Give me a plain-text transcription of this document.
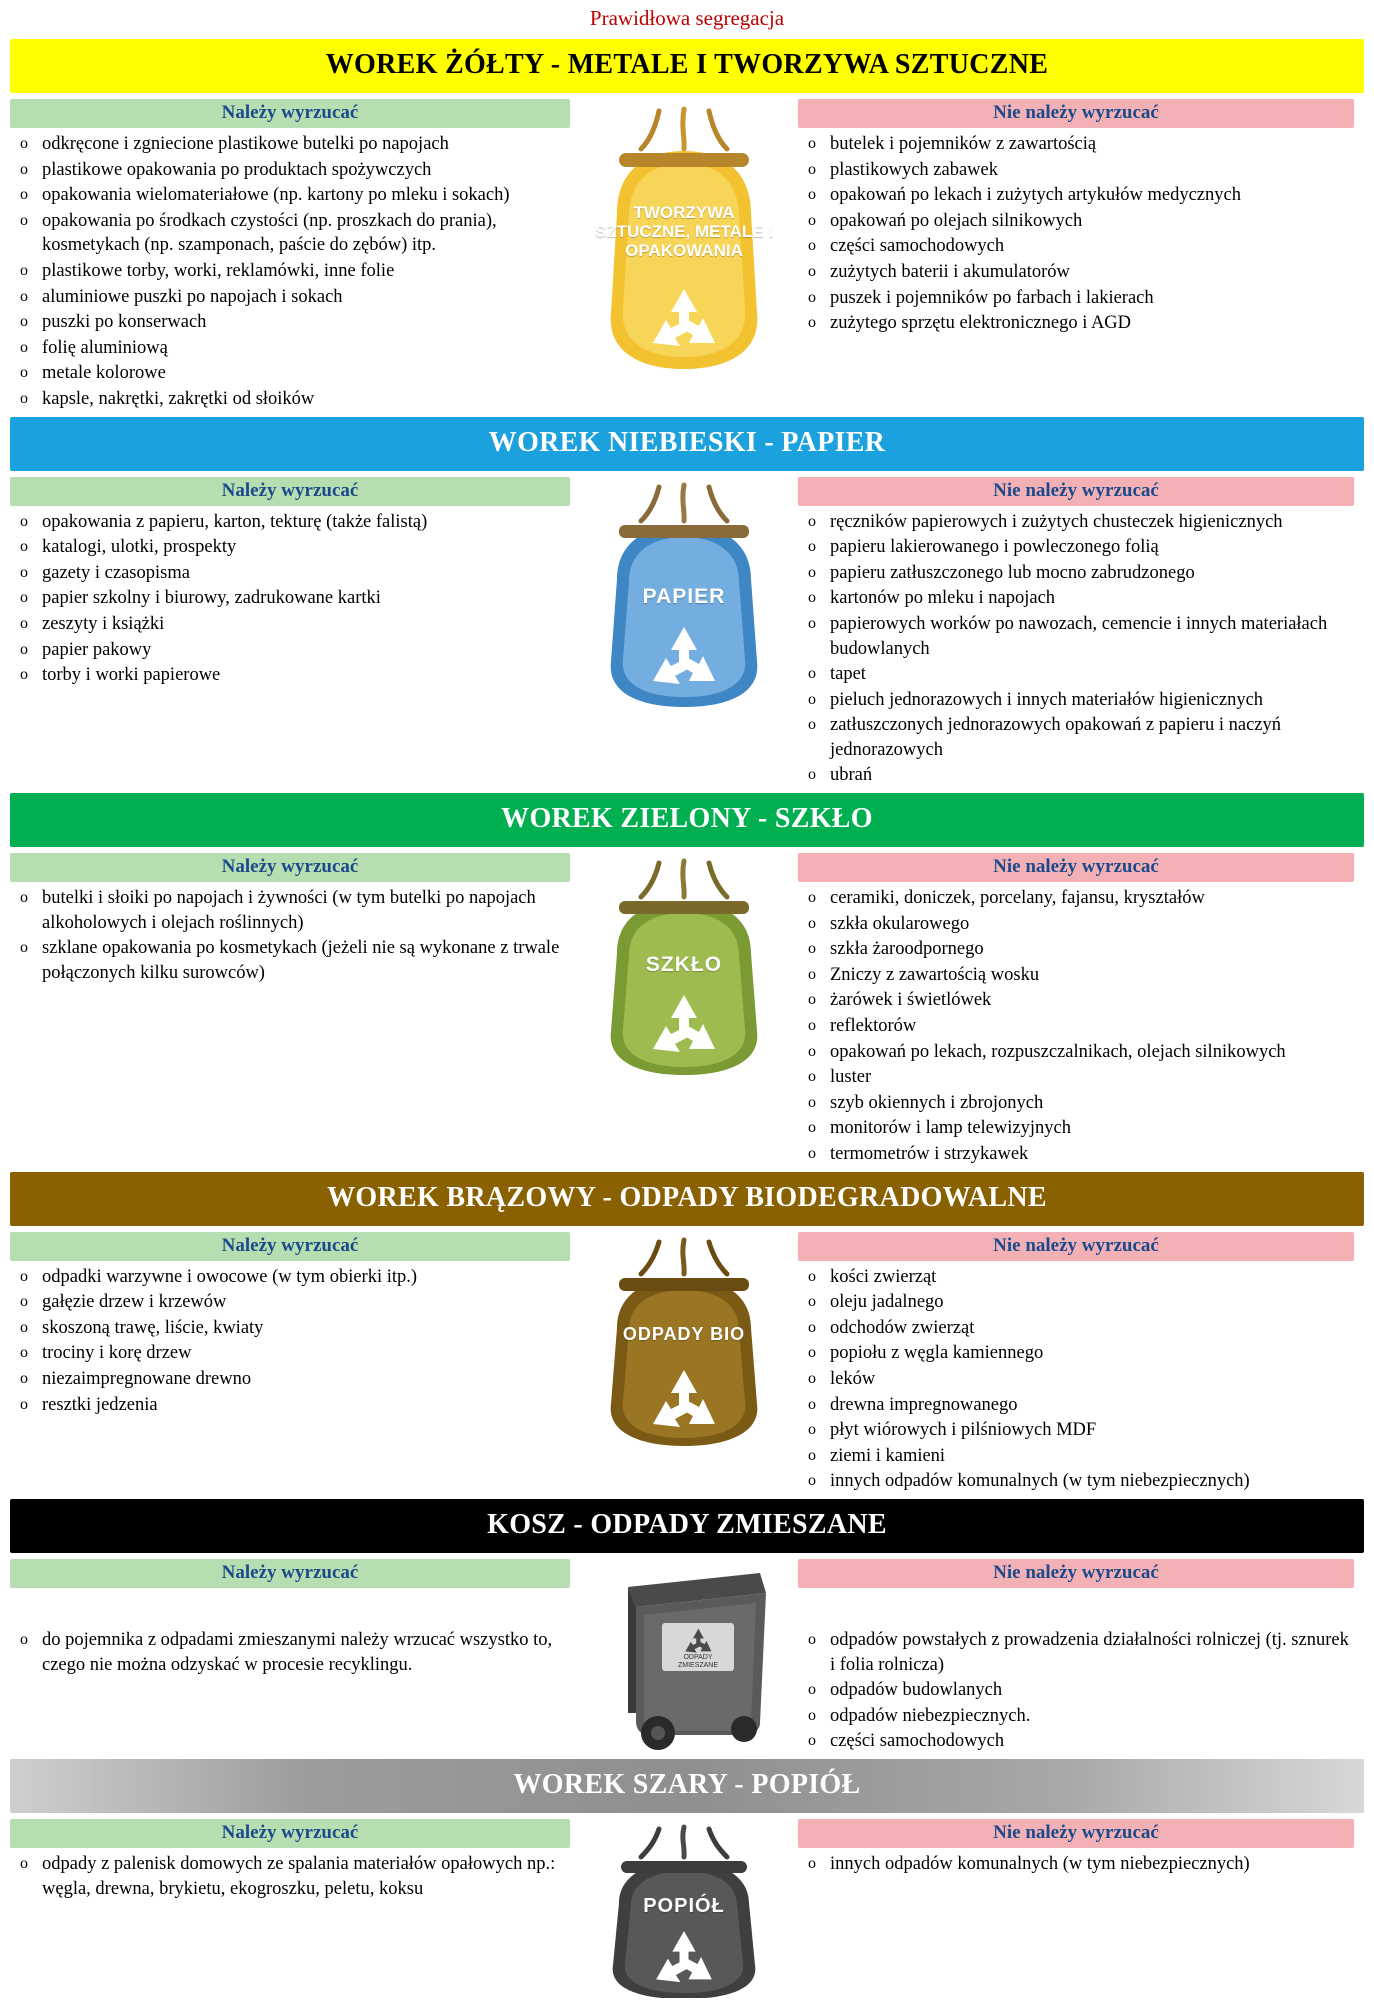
Prawidłowa segregacja
WOREK ŻÓŁTY - METALE I TWORZYWA SZTUCZNE
Należy wyrzucać
o odkręcone i zgniecione plastikowe butelki po napojach
o plastikowe opakowania po produktach spożywczych
o opakowania wielomateriałowe (np. kartony po mleku i sokach)
o opakowania po środkach czystości (np. proszkach do prania), kosmetykach (np. szamponach, paście do zębów) itp.
o plastikowe torby, worki, reklamówki, inne folie
o aluminiowe puszki po napojach i sokach
o puszki po konserwach
o folię aluminiową
o metale kolorowe
o kapsle, nakrętki, zakrętki od słoików
TWORZYWA SZTUCZNE, METALE I OPAKOWANIA
Nie należy wyrzucać
o butelek i pojemników z zawartością
o plastikowych zabawek
o opakowań po lekach i zużytych artykułów medycznych
o opakowań po olejach silnikowych
o części samochodowych
o zużytych baterii i akumulatorów
o puszek i pojemników po farbach i lakierach
o zużytego sprzętu elektronicznego i AGD
WOREK NIEBIESKI - PAPIER
Należy wyrzucać
o opakowania z papieru, karton, tekturę (także falistą)
o katalogi, ulotki, prospekty
o gazety i czasopisma
o papier szkolny i biurowy, zadrukowane kartki
o zeszyty i książki
o papier pakowy
o torby i worki papierowe
PAPIER
Nie należy wyrzucać
o ręczników papierowych i zużytych chusteczek higienicznych
o papieru lakierowanego i powleczonego folią
o papieru zatłuszczonego lub mocno zabrudzonego
o kartonów po mleku i napojach
o papierowych worków po nawozach, cemencie i innych materiałach budowlanych
o tapet
o pieluch jednorazowych i innych materiałów higienicznych
o zatłuszczonych jednorazowych opakowań z papieru i naczyń jednorazowych
o ubrań
WOREK ZIELONY - SZKŁO
Należy wyrzucać
o butelki i słoiki po napojach i żywności (w tym butelki po napojach alkoholowych i olejach roślinnych)
o szklane opakowania po kosmetykach (jeżeli nie są wykonane z trwale połączonych kilku surowców)	SZKŁO
Nie należy wyrzucać
o ceramiki, doniczek, porcelany, fajansu, kryształów
o szkła okularowego
o szkła żaroodpornego
o Zniczy z zawartością wosku
o żarówek i świetlówek
o reflektorów
o opakowań po lekach, rozpuszczalnikach, olejach silnikowych
o luster
o szyb okiennych i zbrojonych
o monitorów i lamp telewizyjnych
o termometrów i strzykawek
WOREK BRĄZOWY - ODPADY BIODEGRADOWALNE
Należy wyrzucać
o odpadki warzywne i owocowe (w tym obierki itp.)
o gałęzie drzew i krzewów
o skoszoną trawę, liście, kwiaty
o trociny i korę drzew
o niezaimpregnowane drewno
o resztki jedzenia
ODPADY BIO
Nie należy wyrzucać
o kości zwierząt
o oleju jadalnego
o odchodów zwierząt
o popiołu z węgla kamiennego
o leków
o drewna impregnowanego
o płyt wiórowych i pilśniowych MDF
o ziemi i kamieni
o innych odpadów komunalnych (w tym niebezpiecznych)
KOSZ - ODPADY ZMIESZANE
Należy wyrzucać
o do pojemnika z odpadami zmieszanymi należy wrzucać wszystko to, czego nie można odzyskać w procesie recyklingu.	ODPADY
ZMIESZANE
Nie należy wyrzucać
o odpadów powstałych z prowadzenia działalności rolniczej (tj. sznurek i folia rolnicza)
o odpadów budowlanych
o odpadów niebezpiecznych.
o części samochodowych
WOREK SZARY - POPIÓŁ
Należy wyrzucać
o odpady z palenisk domowych ze spalania materiałów opałowych np.: węgla, drewna, brykietu, ekogroszku, peletu, koksu
POPIÓŁ
Nie należy wyrzucać
o innych odpadów komunalnych (w tym niebezpiecznych)
